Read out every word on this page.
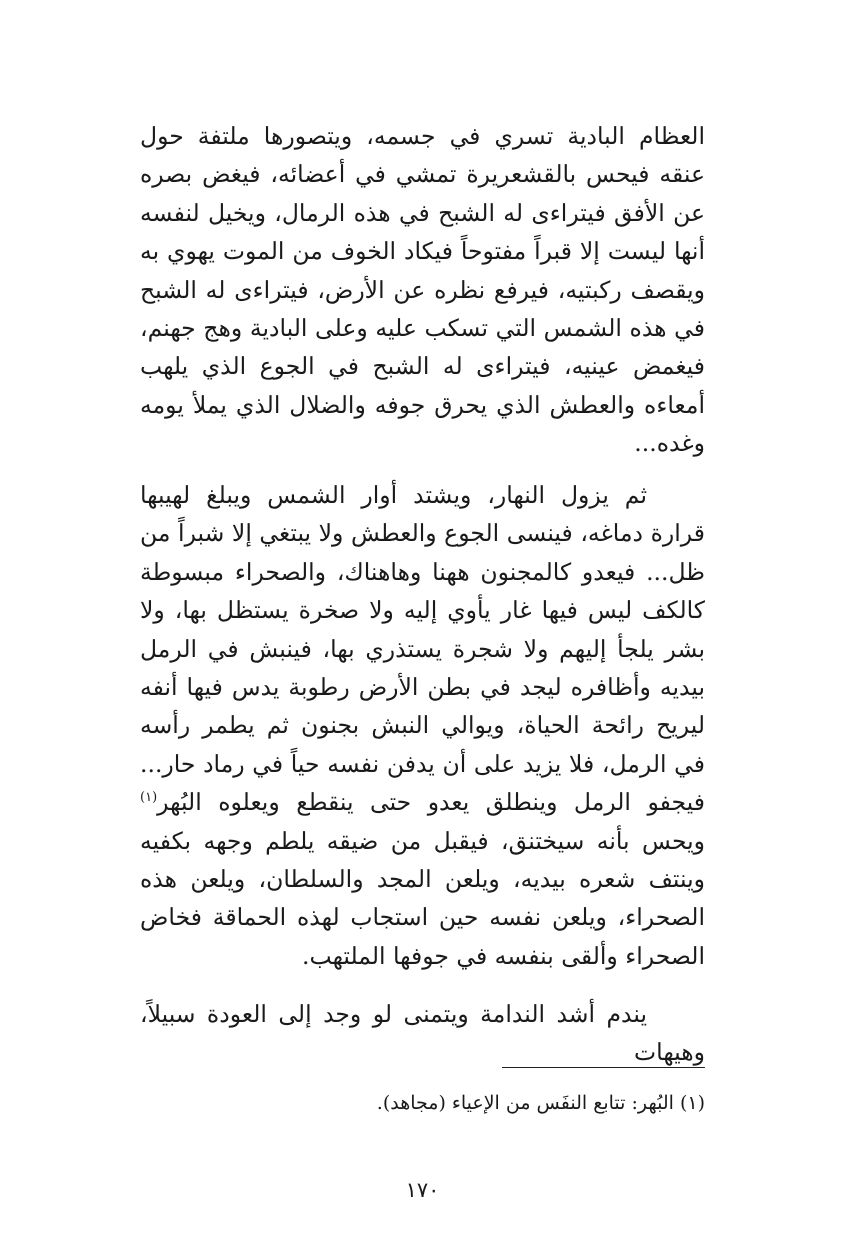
العظام البادية تسري في جسمه، ويتصورها ملتفة حول عنقه فيحس بالقشعريرة تمشي في أعضائه، فيغض بصره عن الأفق فيتراءى له الشبح في هذه الرمال، ويخيل لنفسه أنها ليست إلا قبراً مفتوحاً فيكاد الخوف من الموت يهوي به ويقصف ركبتيه، فيرفع نظره عن الأرض، فيتراءى له الشبح في هذه الشمس التي تسكب عليه وعلى البادية وهج جهنم، فيغمض عينيه، فيتراءى له الشبح في الجوع الذي يلهب أمعاءه والعطش الذي يحرق جوفه والضلال الذي يملأ يومه وغده...

ثم يزول النهار، ويشتد أوار الشمس ويبلغ لهيبها قرارة دماغه، فينسى الجوع والعطش ولا يبتغي إلا شبراً من ظل... فيعدو كالمجنون ههنا وهاهناك، والصحراء مبسوطة كالكف ليس فيها غار يأوي إليه ولا صخرة يستظل بها، ولا بشر يلجأ إليهم ولا شجرة يستذري بها، فينبش في الرمل بيديه وأظافره ليجد في بطن الأرض رطوبة يدس فيها أنفه ليريح رائحة الحياة، ويوالي النبش بجنون ثم يطمر رأسه في الرمل، فلا يزيد على أن يدفن نفسه حياً في رماد حار... فيجفو الرمل وينطلق يعدو حتى ينقطع ويعلوه البُهر$^{(١)}$ ويحس بأنه سيختنق، فيقبل من ضيقه يلطم وجهه بكفيه وينتف شعره بيديه، ويلعن المجد والسلطان، ويلعن هذه الصحراء، ويلعن نفسه حين استجاب لهذه الحماقة فخاض الصحراء وألقى بنفسه في جوفها الملتهب.

يندم أشد الندامة ويتمنى لو وجد إلى العودة سبيلاً، وهيهات

(١) البُهر: تتابع النفَس من الإعياء (مجاهد).
١٧٠
